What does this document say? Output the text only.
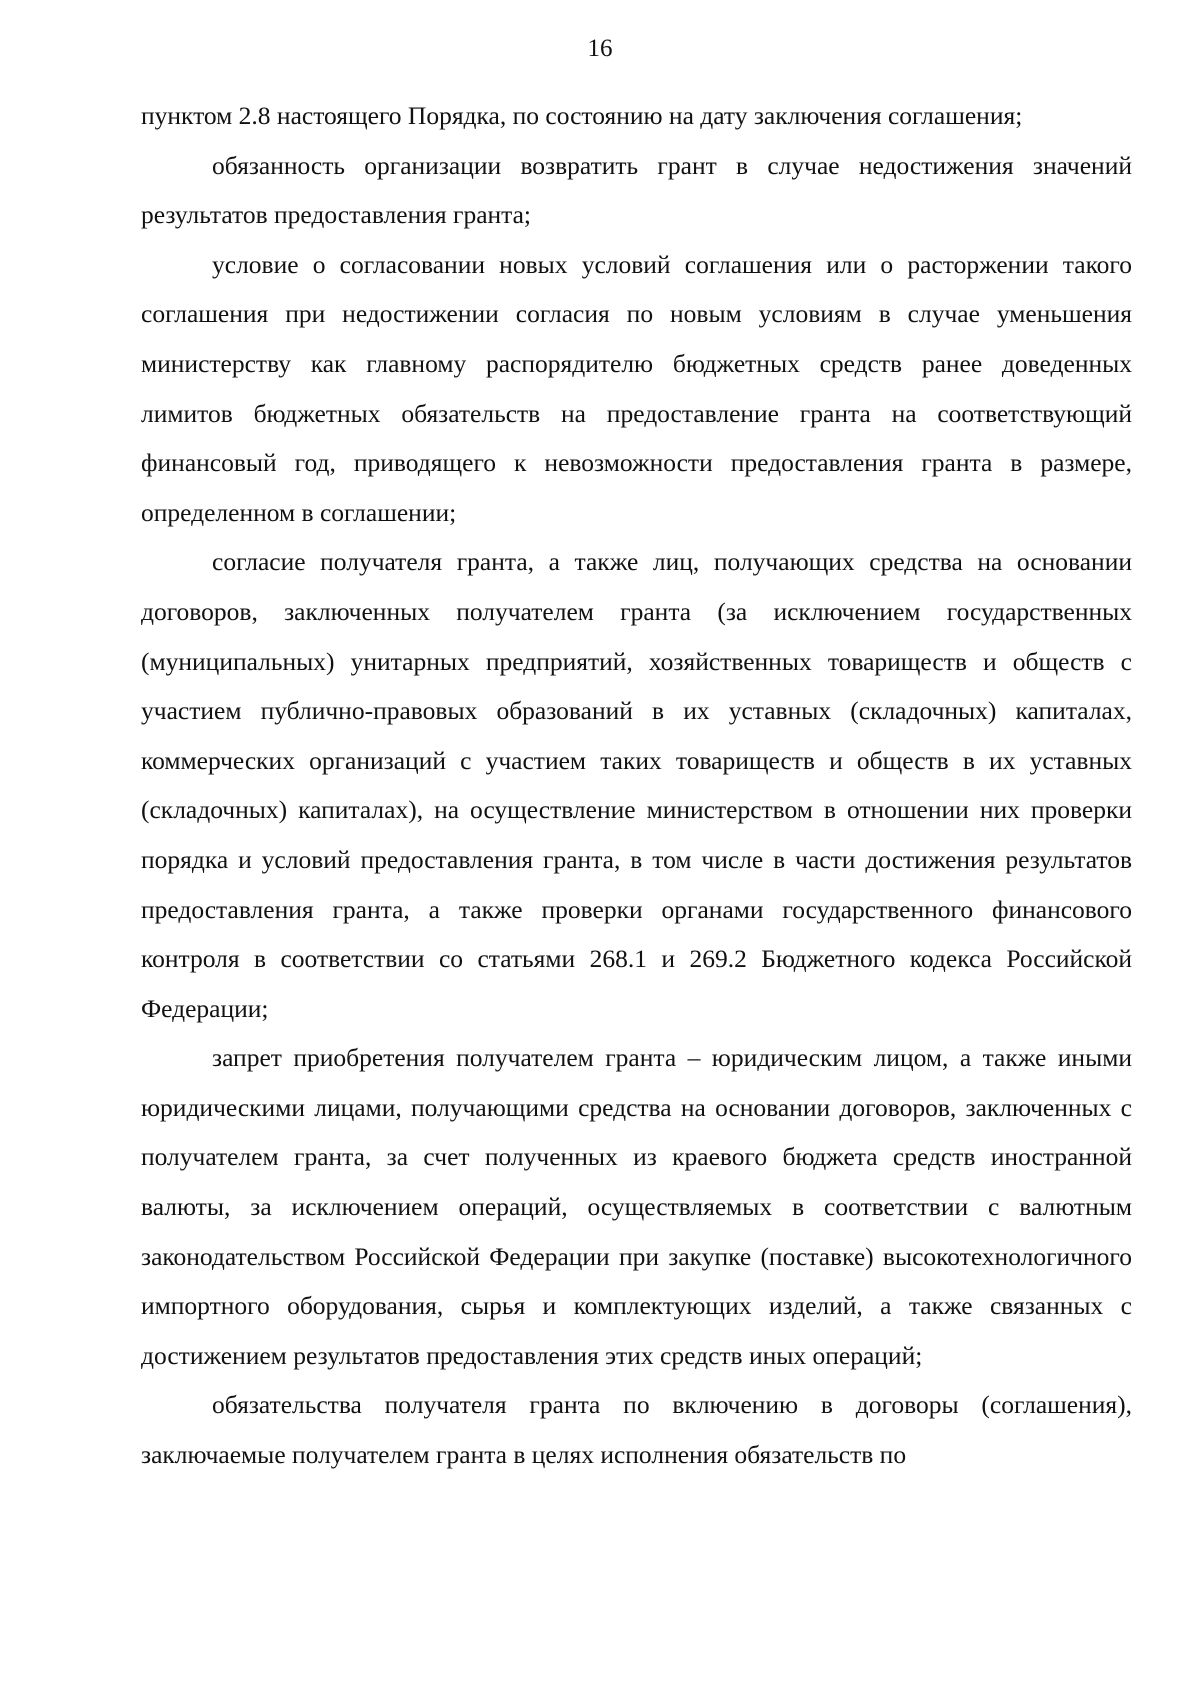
16

пунктом 2.8 настоящего Порядка, по состоянию на дату заключения соглашения;

обязанность организации возвратить грант в случае недостижения значений результатов предоставления гранта;

условие о согласовании новых условий соглашения или о расторжении такого соглашения при недостижении согласия по новым условиям в случае уменьшения министерству как главному распорядителю бюджетных средств ранее доведенных лимитов бюджетных обязательств на предоставление гранта на соответствующий финансовый год, приводящего к невозможности предоставления гранта в размере, определенном в соглашении;

согласие получателя гранта, а также лиц, получающих средства на основании договоров, заключенных получателем гранта (за исключением государственных (муниципальных) унитарных предприятий, хозяйственных товариществ и обществ с участием публично-правовых образований в их уставных (складочных) капиталах, коммерческих организаций с участием таких товариществ и обществ в их уставных (складочных) капиталах), на осуществление министерством в отношении них проверки порядка и условий предоставления гранта, в том числе в части достижения результатов предоставления гранта, а также проверки органами государственного финансового контроля в соответствии со статьями 268.1 и 269.2 Бюджетного кодекса Российской Федерации;

запрет приобретения получателем гранта – юридическим лицом, а также иными юридическими лицами, получающими средства на основании договоров, заключенных с получателем гранта, за счет полученных из краевого бюджета средств иностранной валюты, за исключением операций, осуществляемых в соответствии с валютным законодательством Российской Федерации при закупке (поставке) высокотехнологичного импортного оборудования, сырья и комплектующих изделий, а также связанных с достижением результатов предоставления этих средств иных операций;

обязательства получателя гранта по включению в договоры (соглашения), заключаемые получателем гранта в целях исполнения обязательств по
